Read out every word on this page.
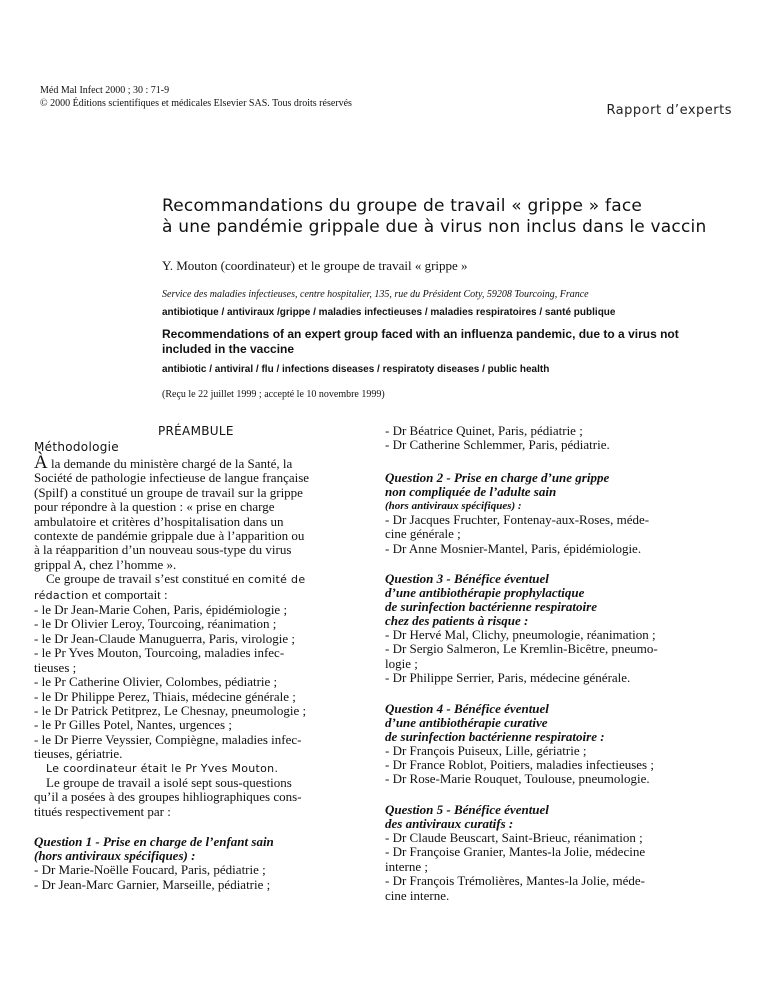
Méd Mal Infect 2000 ; 30 : 71-9
© 2000 Éditions scientifiques et médicales Elsevier SAS. Tous droits réservés	Rapport d’experts
Recommandations du groupe de travail « grippe » face
à une pandémie grippale due à virus non inclus dans le vaccin
Y. Mouton (coordinateur) et le groupe de travail « grippe »
Service des maladies infectieuses, centre hospitalier, 135, rue du Président Coty, 59208 Tourcoing, France
antibiotique / antiviraux /grippe / maladies infectieuses / maladies respiratoires / santé publique
Recommendations of an expert group faced with an influenza pandemic, due to a virus not
included in the vaccine
antibiotic / antiviral / flu / infections diseases / respiratoty diseases / public health
(Reçu le 22 juillet 1999 ; accepté le 10 novembre 1999)
PRÉAMBULE
Méthodologie
À la demande du ministère chargé de la Santé, la
Société de pathologie infectieuse de langue française
(Spilf) a constitué un groupe de travail sur la grippe
pour répondre à la question : « prise en charge
ambulatoire et critères d’hospitalisation dans un
contexte de pandémie grippale due à l’apparition ou
à la réapparition d’un nouveau sous-type du virus
grippal A, chez l’homme ».
Ce groupe de travail s’est constitué en comité de
rédaction et comportait :
- le Dr Jean-Marie Cohen, Paris, épidémiologie ;
- le Dr Olivier Leroy, Tourcoing, réanimation ;
- le Dr Jean-Claude Manuguerra, Paris, virologie ;
- le Pr Yves Mouton, Tourcoing, maladies infec-
tieuses ;
- le Pr Catherine Olivier, Colombes, pédiatrie ;
- le Dr Philippe Perez, Thiais, médecine générale ;
- le Dr Patrick Petitprez, Le Chesnay, pneumologie ;
- le Pr Gilles Potel, Nantes, urgences ;
- le Dr Pierre Veyssier, Compiègne, maladies infec-
tieuses, gériatrie.
Le coordinateur était le Pr Yves Mouton.
Le groupe de travail a isolé sept sous-questions
qu’il a posées à des groupes hihliographiques cons-
titués respectivement par :
Question 1 - Prise en charge de l’enfant sain
(hors antiviraux spécifiques) :
- Dr Marie-Noëlle Foucard, Paris, pédiatrie ;
- Dr Jean-Marc Garnier, Marseille, pédiatrie ;
- Dr Béatrice Quinet, Paris, pédiatrie ;
- Dr Catherine Schlemmer, Paris, pédiatrie.
Question 2 - Prise en charge d’une grippe
non compliquée de l’adulte sain
(hors antiviraux spécifiques) :
- Dr Jacques Fruchter, Fontenay-aux-Roses, méde-
cine générale ;
- Dr Anne Mosnier-Mantel, Paris, épidémiologie.
Question 3 - Bénéfice éventuel
d’une antibiothérapie prophylactique
de surinfection bactérienne respiratoire
chez des patients à risque :
- Dr Hervé Mal, Clichy, pneumologie, réanimation ;
- Dr Sergio Salmeron, Le Kremlin-Bicêtre, pneumo-
logie ;
- Dr Philippe Serrier, Paris, médecine générale.
Question 4 - Bénéfice éventuel
d’une antibiothérapie curative
de surinfection bactérienne respiratoire :
- Dr François Puiseux, Lille, gériatrie ;
- Dr France Roblot, Poitiers, maladies infectieuses ;
- Dr Rose-Marie Rouquet, Toulouse, pneumologie.
Question 5 - Bénéfice éventuel
des antiviraux curatifs :
- Dr Claude Beuscart, Saint-Brieuc, réanimation ;
- Dr Françoise Granier, Mantes-la Jolie, médecine
interne ;
- Dr François Trémolières, Mantes-la Jolie, méde-
cine interne.
